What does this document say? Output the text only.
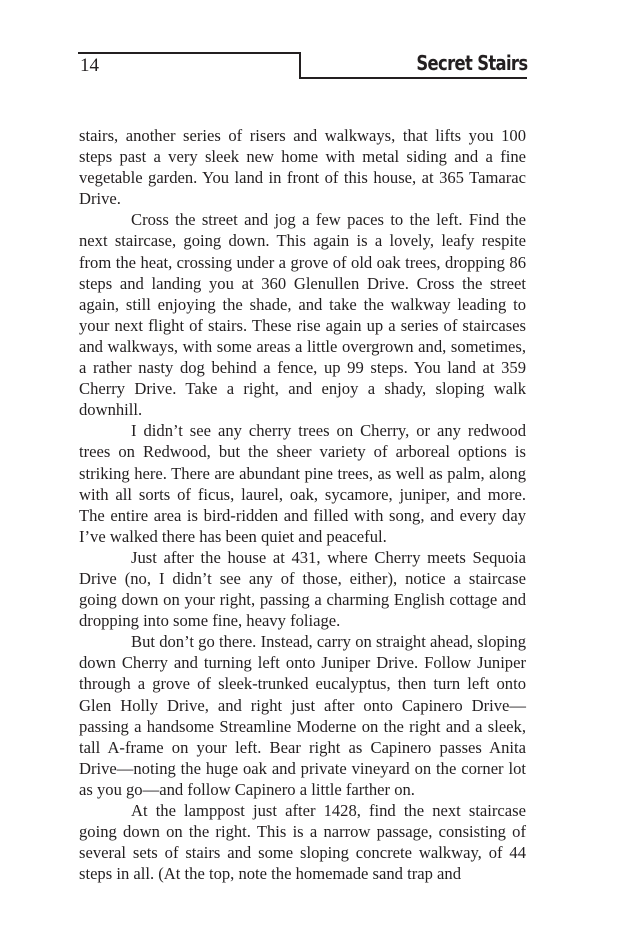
14	Secret Stairs

stairs, another series of risers and walkways, that lifts you 100 steps past a very sleek new home with metal siding and a fine vegetable garden. You land in front of this house, at 365 Tamarac Drive.

Cross the street and jog a few paces to the left. Find the next staircase, going down. This again is a lovely, leafy respite from the heat, crossing under a grove of old oak trees, dropping 86 steps and landing you at 360 Glenullen Drive. Cross the street again, still enjoying the shade, and take the walkway leading to your next flight of stairs. These rise again up a series of staircases and walkways, with some areas a little overgrown and, sometimes, a rather nasty dog behind a fence, up 99 steps. You land at 359 Cherry Drive. Take a right, and enjoy a shady, sloping walk downhill.

I didn’t see any cherry trees on Cherry, or any redwood trees on Redwood, but the sheer variety of arboreal options is striking here. There are abundant pine trees, as well as palm, along with all sorts of ficus, laurel, oak, sycamore, juniper, and more. The entire area is bird-ridden and filled with song, and every day I’ve walked there has been quiet and peaceful.

Just after the house at 431, where Cherry meets Sequoia Drive (no, I didn’t see any of those, either), notice a staircase going down on your right, passing a charming English cottage and dropping into some fine, heavy foliage.

But don’t go there. Instead, carry on straight ahead, sloping down Cherry and turning left onto Juniper Drive. Follow Juniper through a grove of sleek-trunked eucalyptus, then turn left onto Glen Holly Drive, and right just after onto Capinero Drive—passing a handsome Streamline Moderne on the right and a sleek, tall A-frame on your left. Bear right as Capinero passes Anita Drive—noting the huge oak and private vineyard on the corner lot as you go—and follow Capinero a little farther on.

At the lamppost just after 1428, find the next staircase going down on the right. This is a narrow passage, consisting of several sets of stairs and some sloping concrete walkway, of 44 steps in all. (At the top, note the homemade sand trap and
